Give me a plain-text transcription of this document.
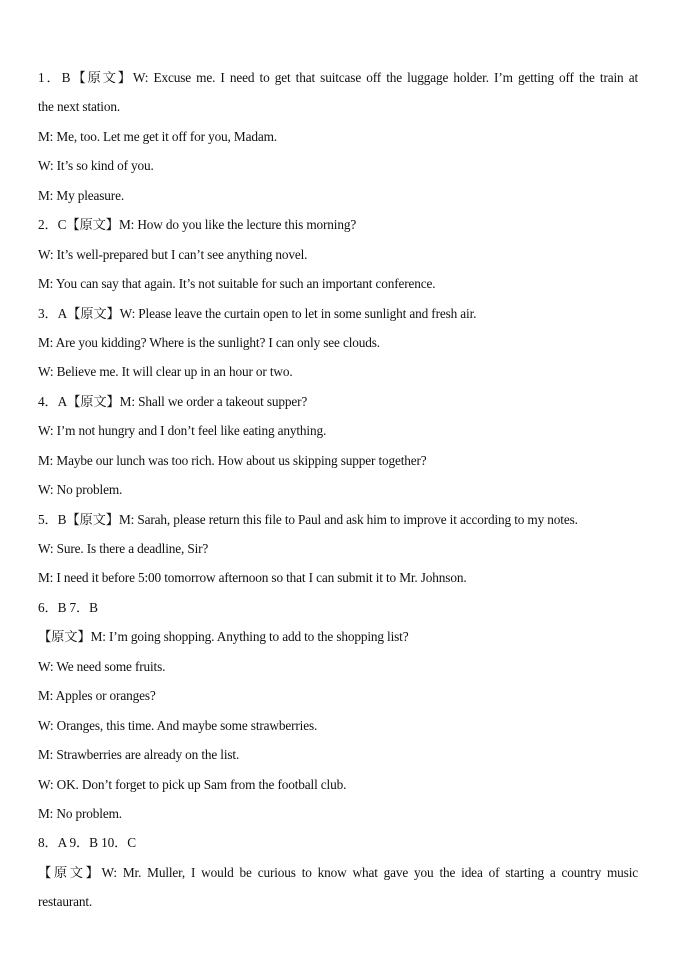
1．B【原文】W: Excuse me. I need to get that suitcase off the luggage holder. I’m getting off the train at
the next station.
M: Me, too. Let me get it off for you, Madam.
W: It’s so kind of you.
M: My pleasure.
2．C【原文】M: How do you like the lecture this morning?
W: It’s well-prepared but I can’t see anything novel.
M: You can say that again. It’s not suitable for such an important conference.
3．A【原文】W: Please leave the curtain open to let in some sunlight and fresh air.
M: Are you kidding? Where is the sunlight? I can only see clouds.
W: Believe me. It will clear up in an hour or two.
4．A【原文】M: Shall we order a takeout supper?
W: I’m not hungry and I don’t feel like eating anything.
M: Maybe our lunch was too rich. How about us skipping supper together?
W: No problem.
5．B【原文】M: Sarah, please return this file to Paul and ask him to improve it according to my notes.
W: Sure. Is there a deadline, Sir?
M: I need it before 5:00 tomorrow afternoon so that I can submit it to Mr. Johnson.
6．B 7．B
【原文】M: I’m going shopping. Anything to add to the shopping list?
W: We need some fruits.
M: Apples or oranges?
W: Oranges, this time. And maybe some strawberries.
M: Strawberries are already on the list.
W: OK. Don’t forget to pick up Sam from the football club.
M: No problem.
8．A 9．B 10．C
【原文】W: Mr. Muller, I would be curious to know what gave you the idea of starting a country music
restaurant.
